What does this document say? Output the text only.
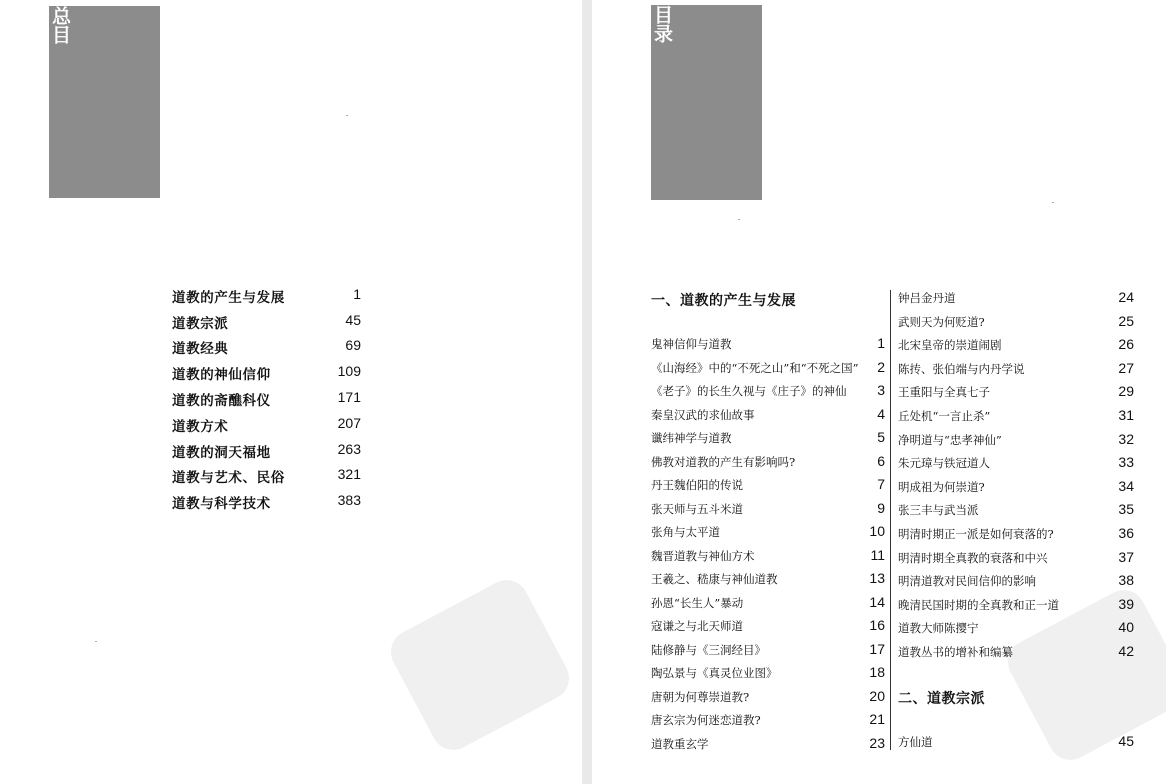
总目
道教的产生与发展	1
道教宗派	45
道教经典	69
道教的神仙信仰	109
道教的斋醮科仪	171
道教方术	207
道教的洞天福地	263
道教与艺术、民俗	321
道教与科学技术	383
目录
一、道教的产生与发展
鬼神信仰与道教	1
《山海经》中的“不死之山”和“不死之国” 2
《老子》的长生久视与《庄子》的神仙 3
秦皇汉武的求仙故事	4
谶纬神学与道教	5
佛教对道教的产生有影响吗?	6
丹王魏伯阳的传说	7
张天师与五斗米道	9
张角与太平道	10
魏晋道教与神仙方术	11
王羲之、嵇康与神仙道教	13
孙恩“长生人”暴动	14
寇谦之与北天师道	16
陆修静与《三洞经目》	17
陶弘景与《真灵位业图》	18
唐朝为何尊崇道教?	20
唐玄宗为何迷恋道教?	21
道教重玄学	23
钟吕金丹道	24
武则天为何贬道?	25
北宋皇帝的崇道闹剧	26
陈抟、张伯端与内丹学说	27
王重阳与全真七子	29
丘处机“一言止杀”	31
净明道与“忠孝神仙”	32
朱元璋与铁冠道人	33
明成祖为何崇道?	34
张三丰与武当派	35
明清时期正一派是如何衰落的?	36
明清时期全真教的衰落和中兴	37
明清道教对民间信仰的影响	38
晚清民国时期的全真教和正一道	39
道教大师陈撄宁	40
道教丛书的增补和编纂	42
二、道教宗派
方仙道	45
